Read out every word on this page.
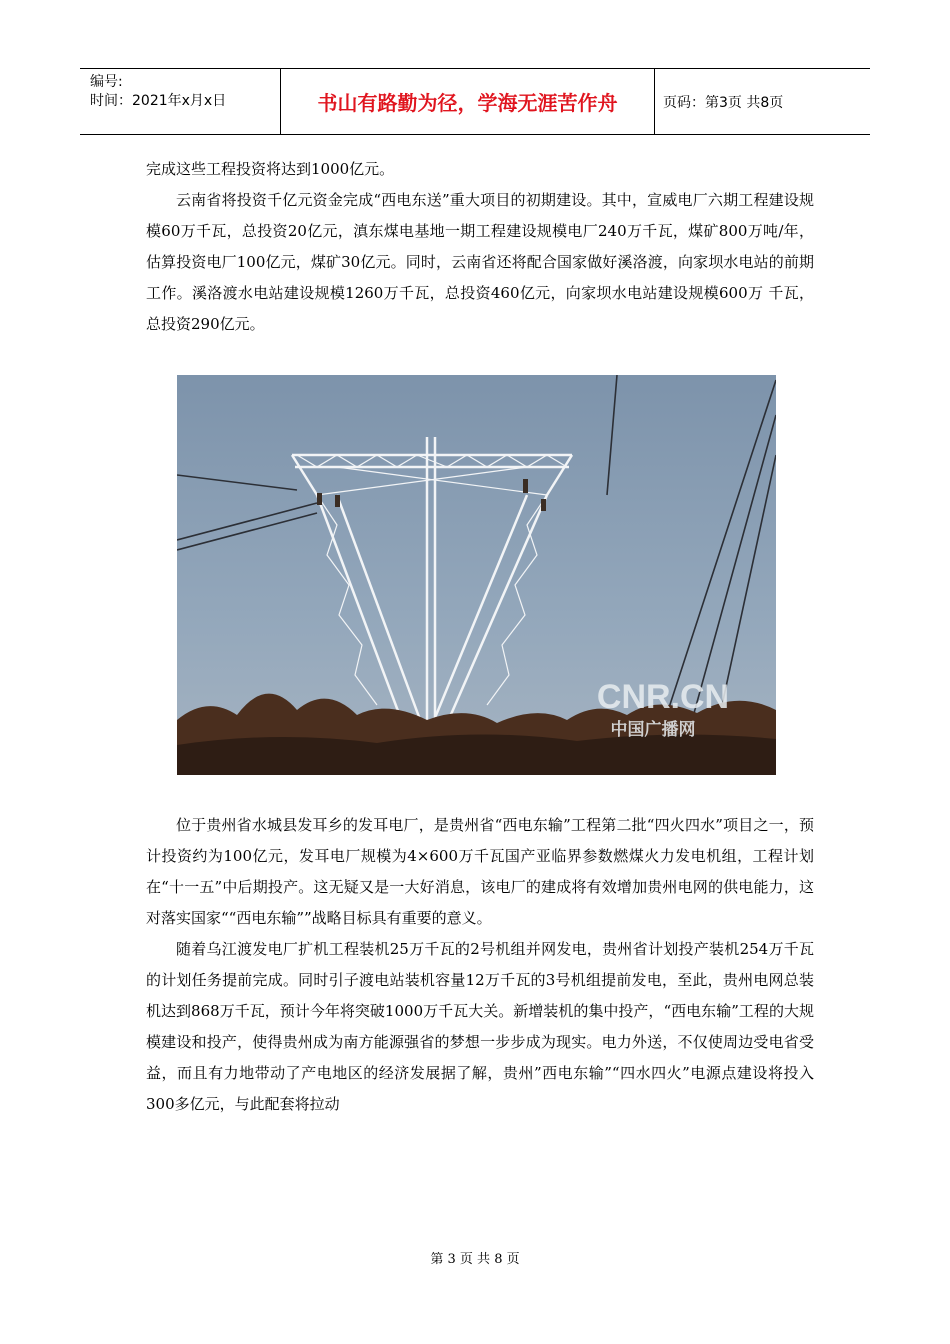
编号:
时间：2021年x月x日	书山有路勤为径，学海无涯苦作舟	页码：第3页 共8页

完成这些工程投资将达到1000亿元。

云南省将投资千亿元资金完成“西电东送”重大项目的初期建设。其中，宣威电厂六期工程建设规模60万千瓦，总投资20亿元，滇东煤电基地一期工程建设规模电厂240万千瓦，煤矿800万吨/年，估算投资电厂100亿元，煤矿30亿元。同时，云南省还将配合国家做好溪洛渡，向家坝水电站的前期工作。溪洛渡水电站建设规模1260万千瓦，总投资460亿元，向家坝水电站建设规模600万 千瓦，总投资290亿元。

CNR.CN
中国广播网

位于贵州省水城县发耳乡的发耳电厂，是贵州省“西电东输”工程第二批“四火四水”项目之一，预计投资约为100亿元，发耳电厂规模为4×600万千瓦国产亚临界参数燃煤火力发电机组，工程计划在“十一五”中后期投产。这无疑又是一大好消息，该电厂的建成将有效增加贵州电网的供电能力，这对落实国家““西电东输””战略目标具有重要的意义。

随着乌江渡发电厂扩机工程装机25万千瓦的2号机组并网发电，贵州省计划投产装机254万千瓦的计划任务提前完成。同时引子渡电站装机容量12万千瓦的3号机组提前发电，至此，贵州电网总装机达到868万千瓦，预计今年将突破1000万千瓦大关。新增装机的集中投产，“西电东输”工程的大规模建设和投产，使得贵州成为南方能源强省的梦想一步步成为现实。电力外送，不仅使周边受电省受益，而且有力地带动了产电地区的经济发展据了解，贵州”西电东输”“四水四火”电源点建设将投入300多亿元，与此配套将拉动

第 3 页 共 8 页
